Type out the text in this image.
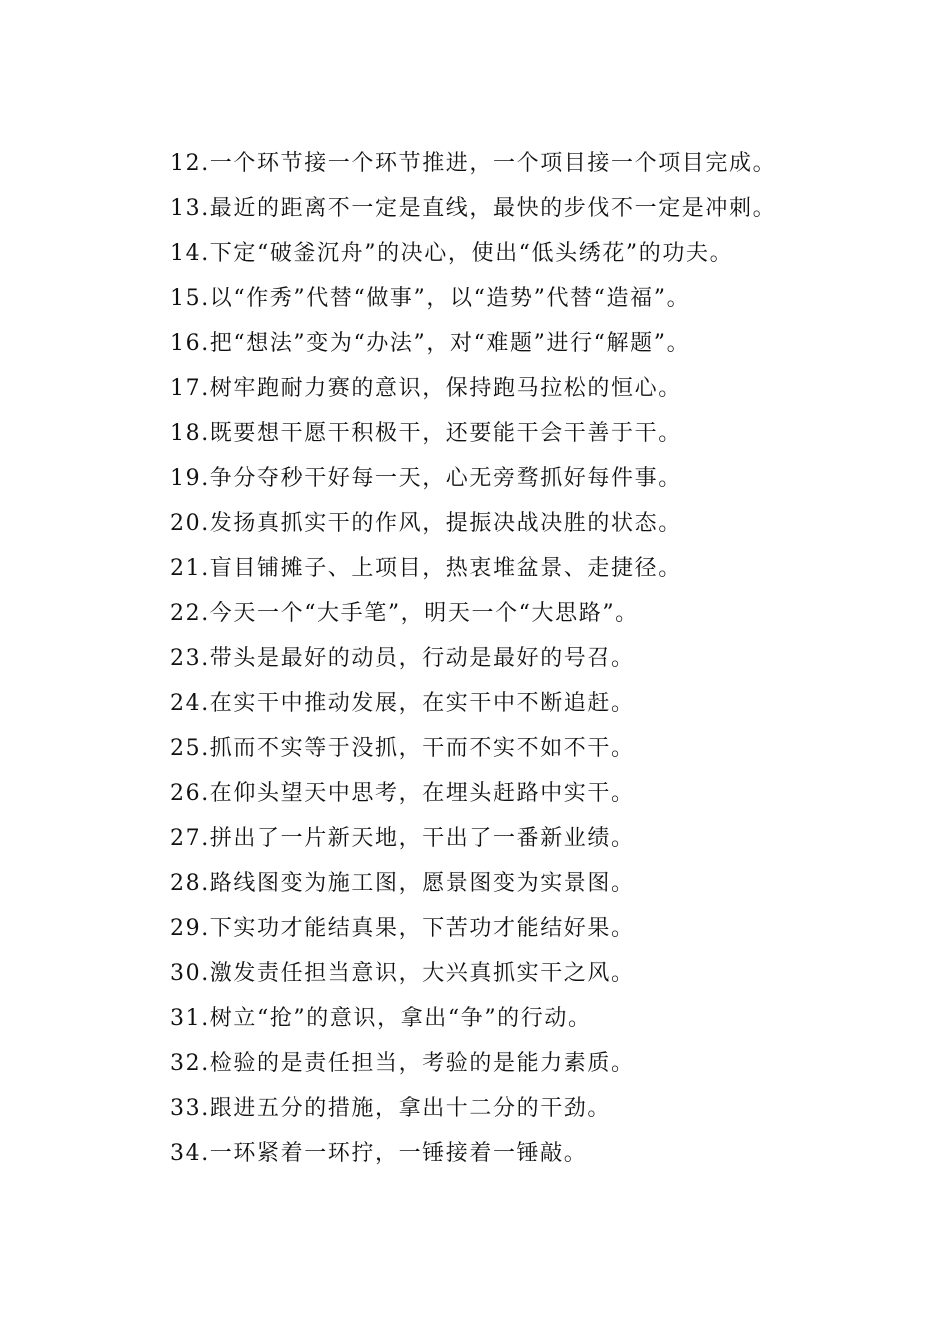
12.一个环节接一个环节推进，一个项目接一个项目完成。
13.最近的距离不一定是直线，最快的步伐不一定是冲刺。
14.下定“破釜沉舟”的决心，使出“低头绣花”的功夫。
15.以“作秀”代替“做事”，以“造势”代替“造福”。
16.把“想法”变为“办法”，对“难题”进行“解题”。
17.树牢跑耐力赛的意识，保持跑马拉松的恒心。
18.既要想干愿干积极干，还要能干会干善于干。
19.争分夺秒干好每一天，心无旁骛抓好每件事。
20.发扬真抓实干的作风，提振决战决胜的状态。
21.盲目铺摊子、上项目，热衷堆盆景、走捷径。
22.今天一个“大手笔”，明天一个“大思路”。
23.带头是最好的动员，行动是最好的号召。
24.在实干中推动发展，在实干中不断追赶。
25.抓而不实等于没抓，干而不实不如不干。
26.在仰头望天中思考，在埋头赶路中实干。
27.拼出了一片新天地，干出了一番新业绩。
28.路线图变为施工图，愿景图变为实景图。
29.下实功才能结真果，下苦功才能结好果。
30.激发责任担当意识，大兴真抓实干之风。
31.树立“抢”的意识，拿出“争”的行动。
32.检验的是责任担当，考验的是能力素质。
33.跟进五分的措施，拿出十二分的干劲。
34.一环紧着一环拧，一锤接着一锤敲。
